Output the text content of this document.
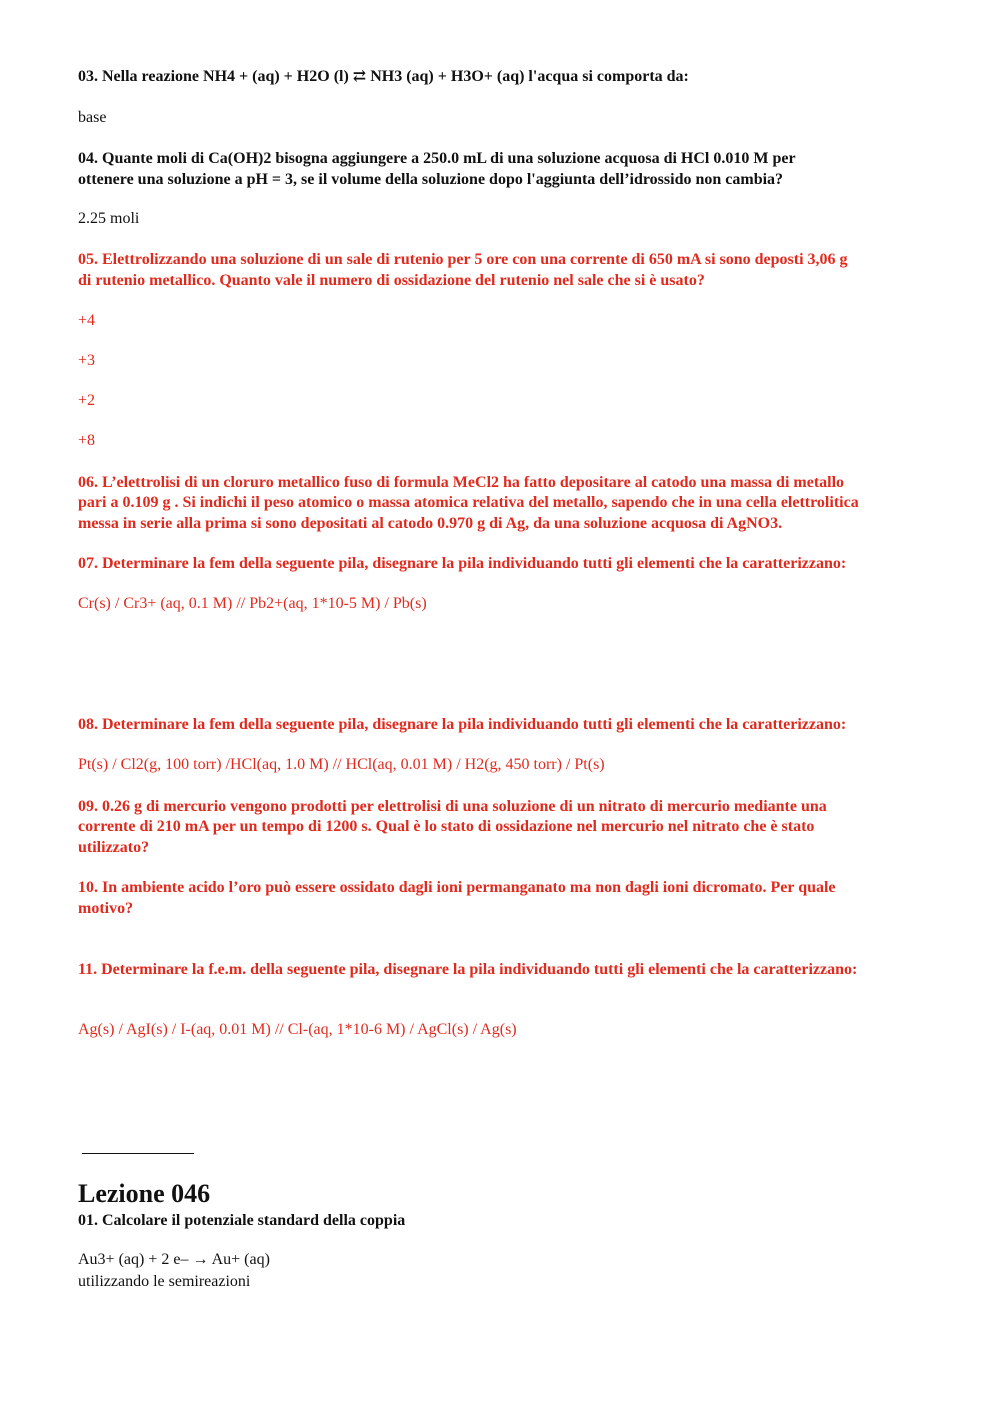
— · —
03. Nella reazione NH4 + (aq) + H2O (l) ⇄ NH3 (aq) + H3O+ (aq) l'acqua si comporta da:
base
04. Quante moli di Ca(OH)2 bisogna aggiungere a 250.0 mL di una soluzione acquosa di HCl 0.010 M per
ottenere una soluzione a pH = 3, se il volume della soluzione dopo l'aggiunta dell’idrossido non cambia?
2.25 moli
05. Elettrolizzando una soluzione di un sale di rutenio per 5 ore con una corrente di 650 mA si sono deposti 3,06 g
di rutenio metallico. Quanto vale il numero di ossidazione del rutenio nel sale che si è usato?
+4
+3
+2
+8
06. L’elettrolisi di un cloruro metallico fuso di formula MeCl2 ha fatto depositare al catodo una massa di metallo
pari a 0.109 g . Si indichi il peso atomico o massa atomica relativa del metallo, sapendo che in una cella elettrolitica
messa in serie alla prima si sono depositati al catodo 0.970 g di Ag, da una soluzione acquosa di AgNO3.
07. Determinare la fem della seguente pila, disegnare la pila individuando tutti gli elementi che la caratterizzano:
Cr(s) / Cr3+ (aq, 0.1 M) // Pb2+(aq, 1*10-5 M) / Pb(s)
08. Determinare la fem della seguente pila, disegnare la pila individuando tutti gli elementi che la caratterizzano:
Pt(s) / Cl2(g, 100 torr) /HCl(aq, 1.0 M) // HCl(aq, 0.01 M) / H2(g, 450 torr) / Pt(s)
09. 0.26 g di mercurio vengono prodotti per elettrolisi di una soluzione di un nitrato di mercurio mediante una
corrente di 210 mA per un tempo di 1200 s. Qual è lo stato di ossidazione nel mercurio nel nitrato che è stato
utilizzato?
10. In ambiente acido l’oro può essere ossidato dagli ioni permanganato ma non dagli ioni dicromato. Per quale
motivo?
11. Determinare la f.e.m. della seguente pila, disegnare la pila individuando tutti gli elementi che la caratterizzano:
Ag(s) / AgI(s) / I-(aq, 0.01 M) // Cl-(aq, 1*10-6 M) / AgCl(s) / Ag(s)
Lezione 046
01. Calcolare il potenziale standard della coppia
Au3+ (aq) + 2 e– → Au+ (aq)
utilizzando le semireazioni
